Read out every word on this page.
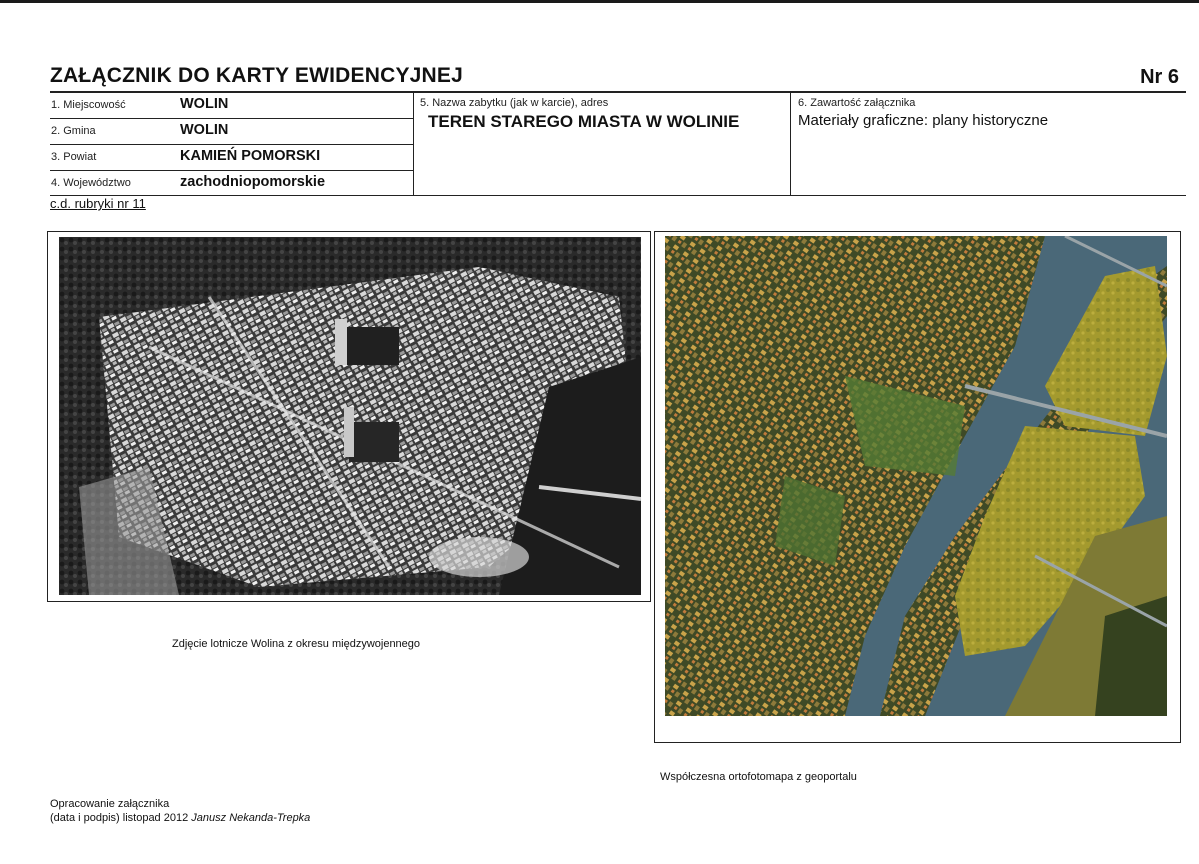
ZAŁĄCZNIK DO KARTY EWIDENCYJNEJ	Nr 6
1. Miejscowość	WOLIN
2. Gmina	WOLIN
3. Powiat	KAMIEŃ POMORSKI
4. Województwo	zachodniopomorskie
5. Nazwa zabytku (jak w karcie), adres
TEREN STAREGO MIASTA W WOLINIE
6. Zawartość załącznika
Materiały graficzne: plany historyczne
c.d. rubryki nr 11
Zdjęcie lotnicze Wolina z okresu międzywojennego
Współczesna ortofotomapa z geoportalu
Opracowanie załącznika
(data i podpis) listopad 2012 Janusz Nekanda-Trepka
